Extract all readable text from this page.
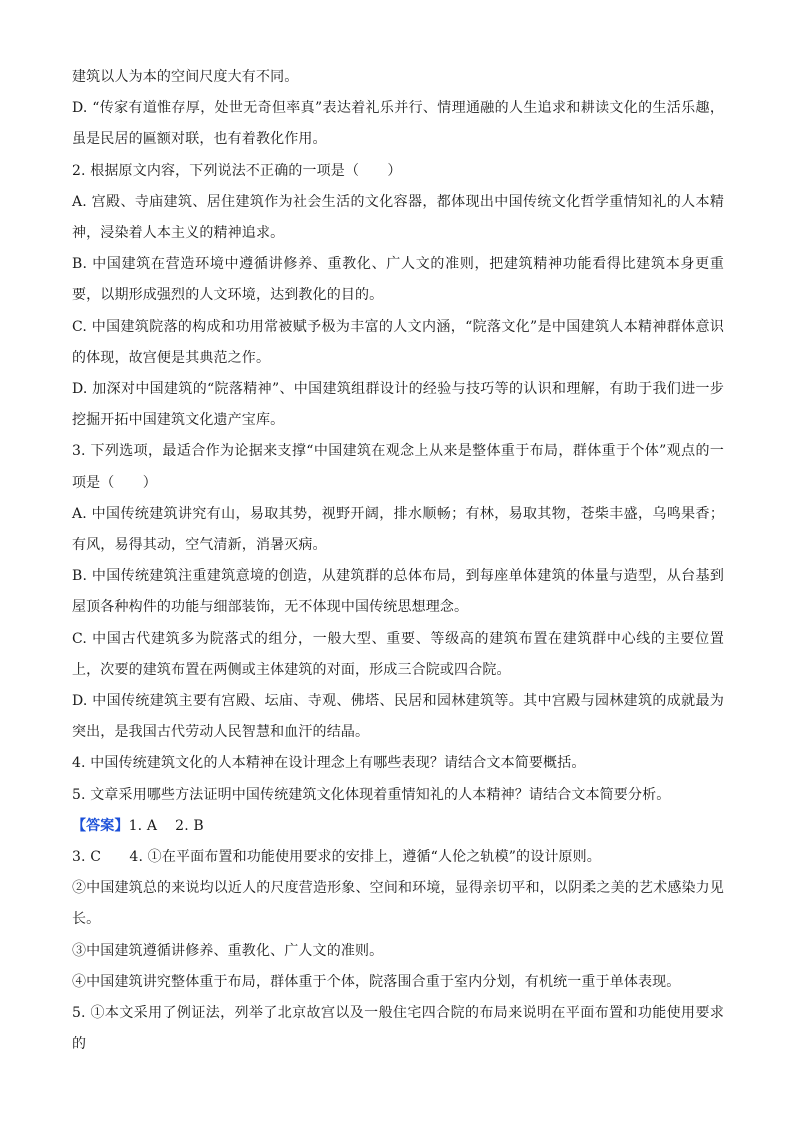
建筑以人为本的空间尺度大有不同。

D. “传家有道惟存厚，处世无奇但率真”表达着礼乐并行、情理通融的人生追求和耕读文化的生活乐趣，虽是民居的匾额对联，也有着教化作用。

2. 根据原文内容，下列说法不正确的一项是（　　）

A. 宫殿、寺庙建筑、居住建筑作为社会生活的文化容器，都体现出中国传统文化哲学重情知礼的人本精神，浸染着人本主义的精神追求。

B. 中国建筑在营造环境中遵循讲修养、重教化、广人文的准则，把建筑精神功能看得比建筑本身更重要，以期形成强烈的人文环境，达到教化的目的。

C. 中国建筑院落的构成和功用常被赋予极为丰富的人文内涵，“院落文化”是中国建筑人本精神群体意识的体现，故宫便是其典范之作。

D. 加深对中国建筑的“院落精神”、中国建筑组群设计的经验与技巧等的认识和理解，有助于我们进一步挖掘开拓中国建筑文化遗产宝库。

3. 下列选项，最适合作为论据来支撑“中国建筑在观念上从来是整体重于布局，群体重于个体”观点的一项是（　　）

A. 中国传统建筑讲究有山，易取其势，视野开阔，排水顺畅；有林，易取其物，苍柴丰盛，乌鸣果香；有风，易得其动，空气清新，消暑灭病。

B. 中国传统建筑注重建筑意境的创造，从建筑群的总体布局，到每座单体建筑的体量与造型，从台基到屋顶各种构件的功能与细部装饰，无不体现中国传统思想理念。

C. 中国古代建筑多为院落式的组分，一般大型、重要、等级高的建筑布置在建筑群中心线的主要位置上，次要的建筑布置在两侧或主体建筑的对面，形成三合院或四合院。

D. 中国传统建筑主要有宫殿、坛庙、寺观、佛塔、民居和园林建筑等。其中宫殿与园林建筑的成就最为突出，是我国古代劳动人民智慧和血汗的结晶。

4. 中国传统建筑文化的人本精神在设计理念上有哪些表现？请结合文本简要概括。

5. 文章采用哪些方法证明中国传统建筑文化体现着重情知礼的人本精神？请结合文本简要分析。

【答案】1. A 2. B

3. C　　4. ①在平面布置和功能使用要求的安排上，遵循“人伦之轨模”的设计原则。

②中国建筑总的来说均以近人的尺度营造形象、空间和环境，显得亲切平和，以阴柔之美的艺术感染力见长。

③中国建筑遵循讲修养、重教化、广人文的准则。

④中国建筑讲究整体重于布局，群体重于个体，院落围合重于室内分划，有机统一重于单体表现。

5. ①本文采用了例证法，列举了北京故宫以及一般住宅四合院的布局来说明在平面布置和功能使用要求的
